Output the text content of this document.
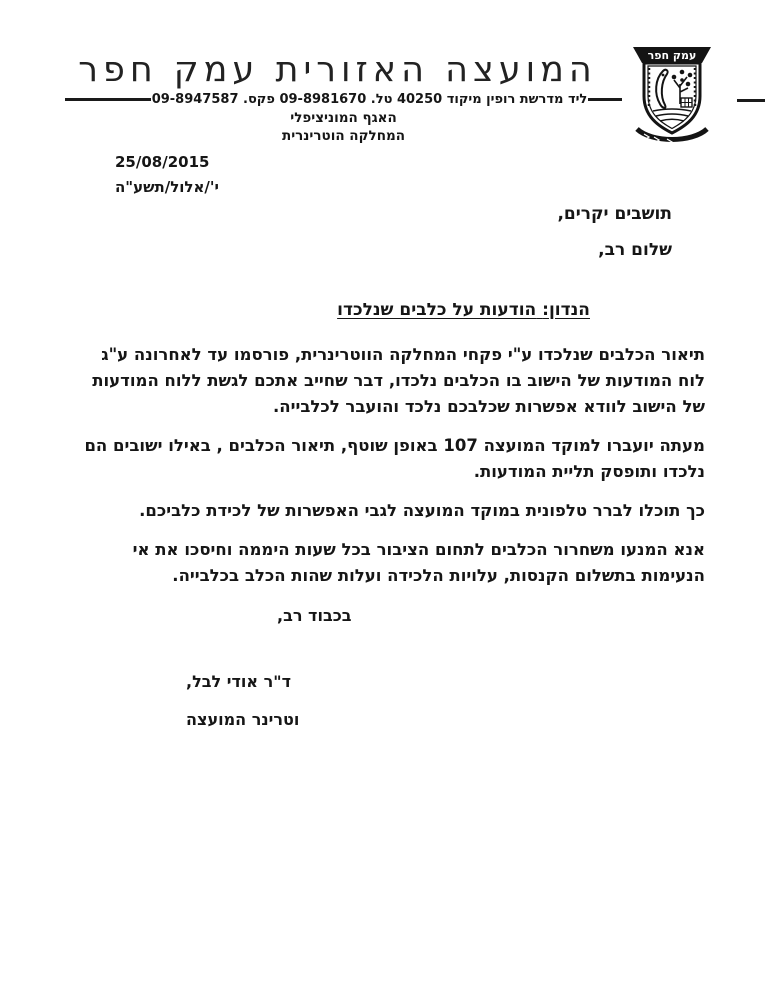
עמק חפר
המועצה האזורית עמק חפר
ליד מדרשת רופין מיקוד 40250 טל. 09-8981670 פקס. 09-8947587
האגף המוניציפלי
המחלקה הוטרינרית
25/08/2015
י'/אלול/תשע"ה
תושבים יקרים,
שלום רב,
הנדון: הודעות על כלבים שנלכדו

תיאור הכלבים שנלכדו ע"י פקחי המחלקה הווטרינרית, פורסמו עד לאחרונה ע"ג לוח המודעות של הישוב בו הכלבים נלכדו, דבר שחייב אתכם לגשת ללוח המודעות של הישוב לוודא אפשרות שכלבכם נלכד והועבר לכלבייה.

מעתה יועברו למוקד המועצה 107 באופן שוטף, תיאור הכלבים , באילו ישובים הם נלכדו ותופסק תליית המודעות.

כך תוכלו לברר טלפונית במוקד המועצה לגבי האפשרות של לכידת כלביכם.

אנא המנעו משחרור הכלבים לתחום הציבור בכל שעות היממה וחיסכו את אי הנעימות בתשלום הקנסות, עלויות הלכידה ועלות שהות הכלב בכלבייה.

בכבוד רב,
ד"ר אודי לבל,
וטרינר המועצה
